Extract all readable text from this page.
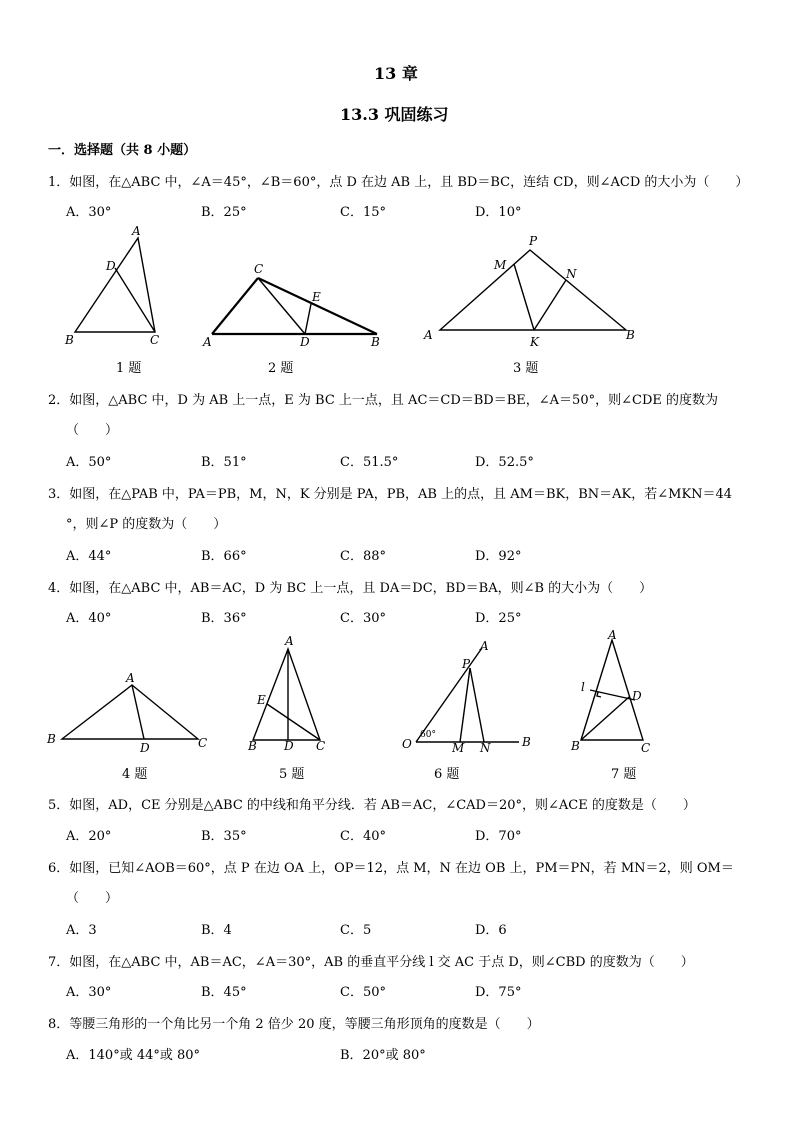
13 章
13.3 巩固练习
一．选择题（共 8 小题）
1．如图，在△ABC 中，∠A＝45°，∠B＝60°，点 D 在边 AB 上，且 BD＝BC，连结 CD，则∠ACD 的大小为（　　）
A．30°	B．25°	C．15°	D．10°
A
D
B	C
1 题
C
E
A	D	B
2 题
P
M
N
A	B
K
3 题
2．如图，△ABC 中，D 为 AB 上一点，E 为 BC 上一点，且 AC＝CD＝BD＝BE，∠A＝50°，则∠CDE 的度数为
（　　）
A．50°	B．51°	C．51.5°	D．52.5°
3．如图，在△PAB 中，PA＝PB，M，N，K 分别是 PA，PB，AB 上的点，且 AM＝BK，BN＝AK，若∠MKN＝44
°，则∠P 的度数为（　　）
A．44°	B．66°	C．88°	D．92°
4．如图，在△ABC 中，AB＝AC，D 为 BC 上一点，且 DA＝DC，BD＝BA，则∠B 的大小为（　　）
A．40°	B．36°	C．30°	D．25°
A
B
D	C
4 题
A
E
B D C
5 题
A
P
O
60°
M N	B
6 题
A
l
D
B	C
7 题
5．如图，AD，CE 分别是△ABC 的中线和角平分线．若 AB＝AC，∠CAD＝20°，则∠ACE 的度数是（　　）
A．20°	B．35°	C．40°	D．70°
6．如图，已知∠AOB＝60°，点 P 在边 OA 上，OP＝12，点 M，N 在边 OB 上，PM＝PN，若 MN＝2，则 OM＝
（　　）
A．3	B．4	C．5	D．6
7．如图，在△ABC 中，AB＝AC，∠A＝30°，AB 的垂直平分线 l 交 AC 于点 D，则∠CBD 的度数为（　　）
A．30°	B．45°	C．50°	D．75°
8．等腰三角形的一个角比另一个角 2 倍少 20 度，等腰三角形顶角的度数是（　　）
A．140°或 44°或 80°	B．20°或 80°
